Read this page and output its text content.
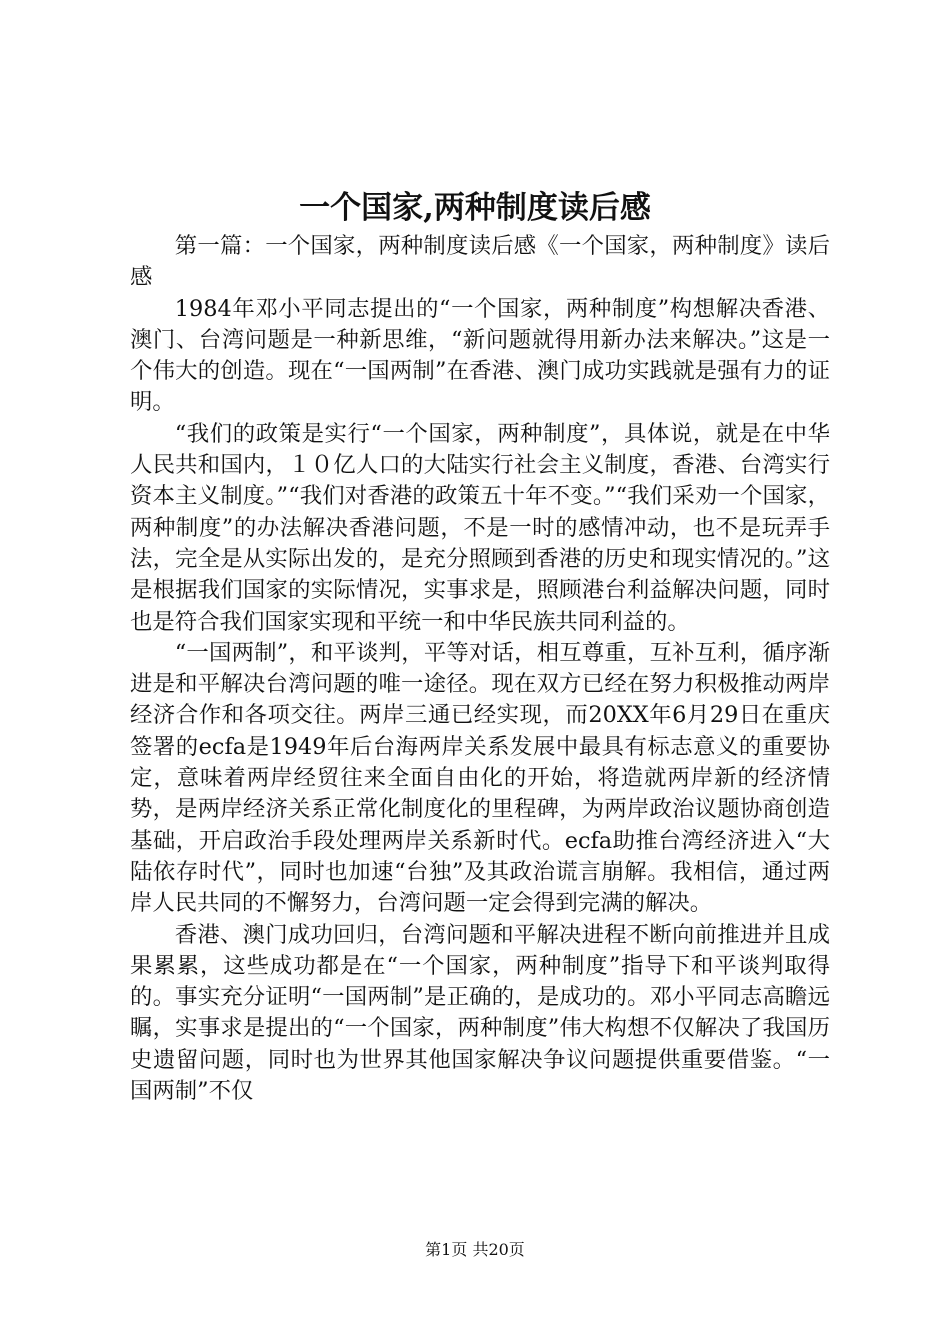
一个国家,两种制度读后感

第一篇：一个国家，两种制度读后感《一个国家，两种制度》读后感

1984年邓小平同志提出的“一个国家，两种制度”构想解决香港、澳门、台湾问题是一种新思维，“新问题就得用新办法来解决。”这是一个伟大的创造。现在“一国两制”在香港、澳门成功实践就是强有力的证明。

“我们的政策是实行“一个国家，两种制度”，具体说，就是在中华人民共和国内，１０亿人口的大陆实行社会主义制度，香港、台湾实行资本主义制度。”“我们对香港的政策五十年不变。”“我们采劝一个国家，两种制度”的办法解决香港问题，不是一时的感情冲动，也不是玩弄手法，完全是从实际出发的，是充分照顾到香港的历史和现实情况的。”这是根据我们国家的实际情况，实事求是，照顾港台利益解决问题，同时也是符合我们国家实现和平统一和中华民族共同利益的。

“一国两制”，和平谈判，平等对话，相互尊重，互补互利，循序渐进是和平解决台湾问题的唯一途径。现在双方已经在努力积极推动两岸经济合作和各项交往。两岸三通已经实现，而20XX年6月29日在重庆签署的ecfa是1949年后台海两岸关系发展中最具有标志意义的重要协定，意味着两岸经贸往来全面自由化的开始，将造就两岸新的经济情势，是两岸经济关系正常化制度化的里程碑，为两岸政治议题协商创造基础，开启政治手段处理两岸关系新时代。ecfa助推台湾经济进入“大陆依存时代”，同时也加速“台独”及其政治谎言崩解。我相信，通过两岸人民共同的不懈努力，台湾问题一定会得到完满的解决。

香港、澳门成功回归，台湾问题和平解决进程不断向前推进并且成果累累，这些成功都是在“一个国家，两种制度”指导下和平谈判取得的。事实充分证明“一国两制”是正确的，是成功的。邓小平同志高瞻远瞩，实事求是提出的“一个国家，两种制度”伟大构想不仅解决了我国历史遗留问题，同时也为世界其他国家解决争议问题提供重要借鉴。“一国两制”不仅

第1页 共20页
